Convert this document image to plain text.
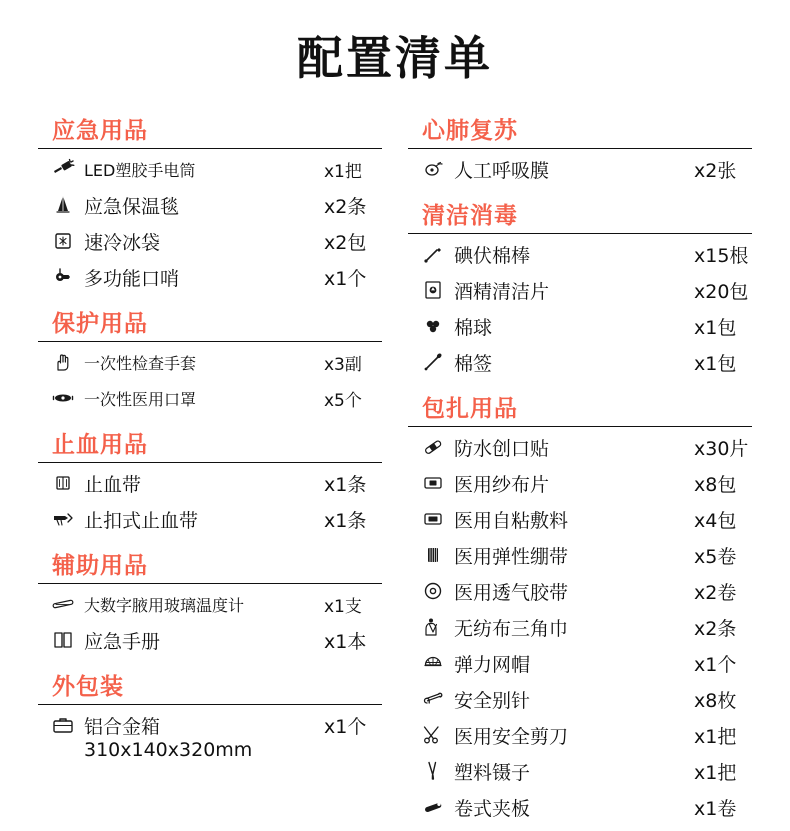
配置清单
应急用品
LED塑胶手电筒	x1把
应急保温毯	x2条
速冷冰袋	x2包
多功能口哨	x1个
保护用品
一次性检查手套	x3副
一次性医用口罩	x5个
止血用品
止血带	x1条
止扣式止血带	x1条
辅助用品
大数字腋用玻璃温度计	x1支
应急手册	x1本
外包装
铝合金箱	x1个
310x140x320mm
心肺复苏
人工呼吸膜	x2张
清洁消毒
碘伏棉棒	x15根
酒精清洁片	x20包
棉球	x1包
棉签	x1包
包扎用品
防水创口贴	x30片
医用纱布片	x8包
医用自粘敷料	x4包
医用弹性绷带	x5卷
医用透气胶带	x2卷
无纺布三角巾	x2条
弹力网帽	x1个
安全别针	x8枚
医用安全剪刀	x1把
塑料镊子	x1把
卷式夹板	x1卷
